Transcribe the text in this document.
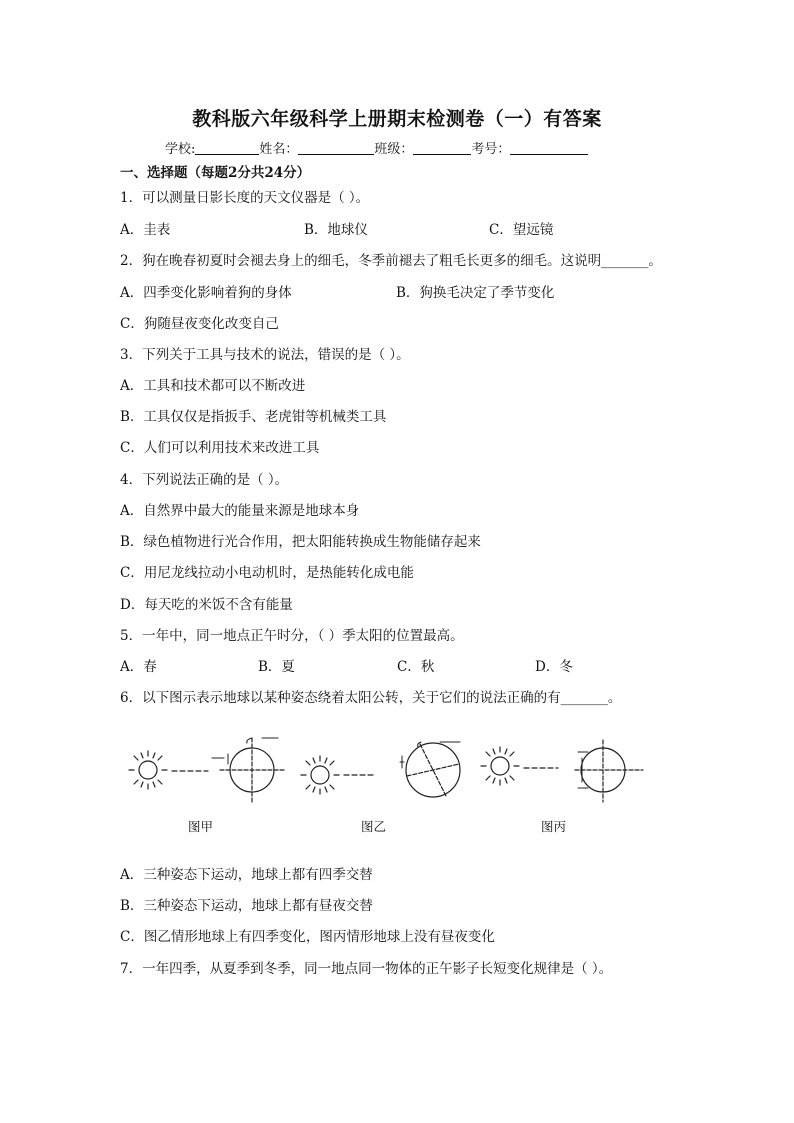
教科版六年级科学上册期末检测卷（一）有答案
学校:	姓名：	班级：	考号：
一、选择题（每题2分共24分）
1．可以测量日影长度的天文仪器是（ ）。
A．圭表	B．地球仪	C．望远镜
2．狗在晚春初夏时会褪去身上的细毛，冬季前褪去了粗毛长更多的细毛。这说明_______。
A．四季变化影响着狗的身体	B．狗换毛决定了季节变化
C．狗随昼夜变化改变自己
3．下列关于工具与技术的说法，错误的是（ ）。
A．工具和技术都可以不断改进
B．工具仅仅是指扳手、老虎钳等机械类工具
C．人们可以利用技术来改进工具
4．下列说法正确的是（ ）。
A．自然界中最大的能量来源是地球本身
B．绿色植物进行光合作用，把太阳能转换成生物能储存起来
C．用尼龙线拉动小电动机时，是热能转化成电能
D．每天吃的米饭不含有能量
5．一年中，同一地点正午时分，（ ）季太阳的位置最高。
A．春	B．夏	C．秋	D．冬
6．以下图示表示地球以某种姿态绕着太阳公转，关于它们的说法正确的有_______。
图甲	图乙	图丙
A．三种姿态下运动，地球上都有四季交替
B．三种姿态下运动，地球上都有昼夜交替
C．图乙情形地球上有四季变化，图丙情形地球上没有昼夜变化
7．一年四季，从夏季到冬季，同一地点同一物体的正午影子长短变化规律是（ ）。
